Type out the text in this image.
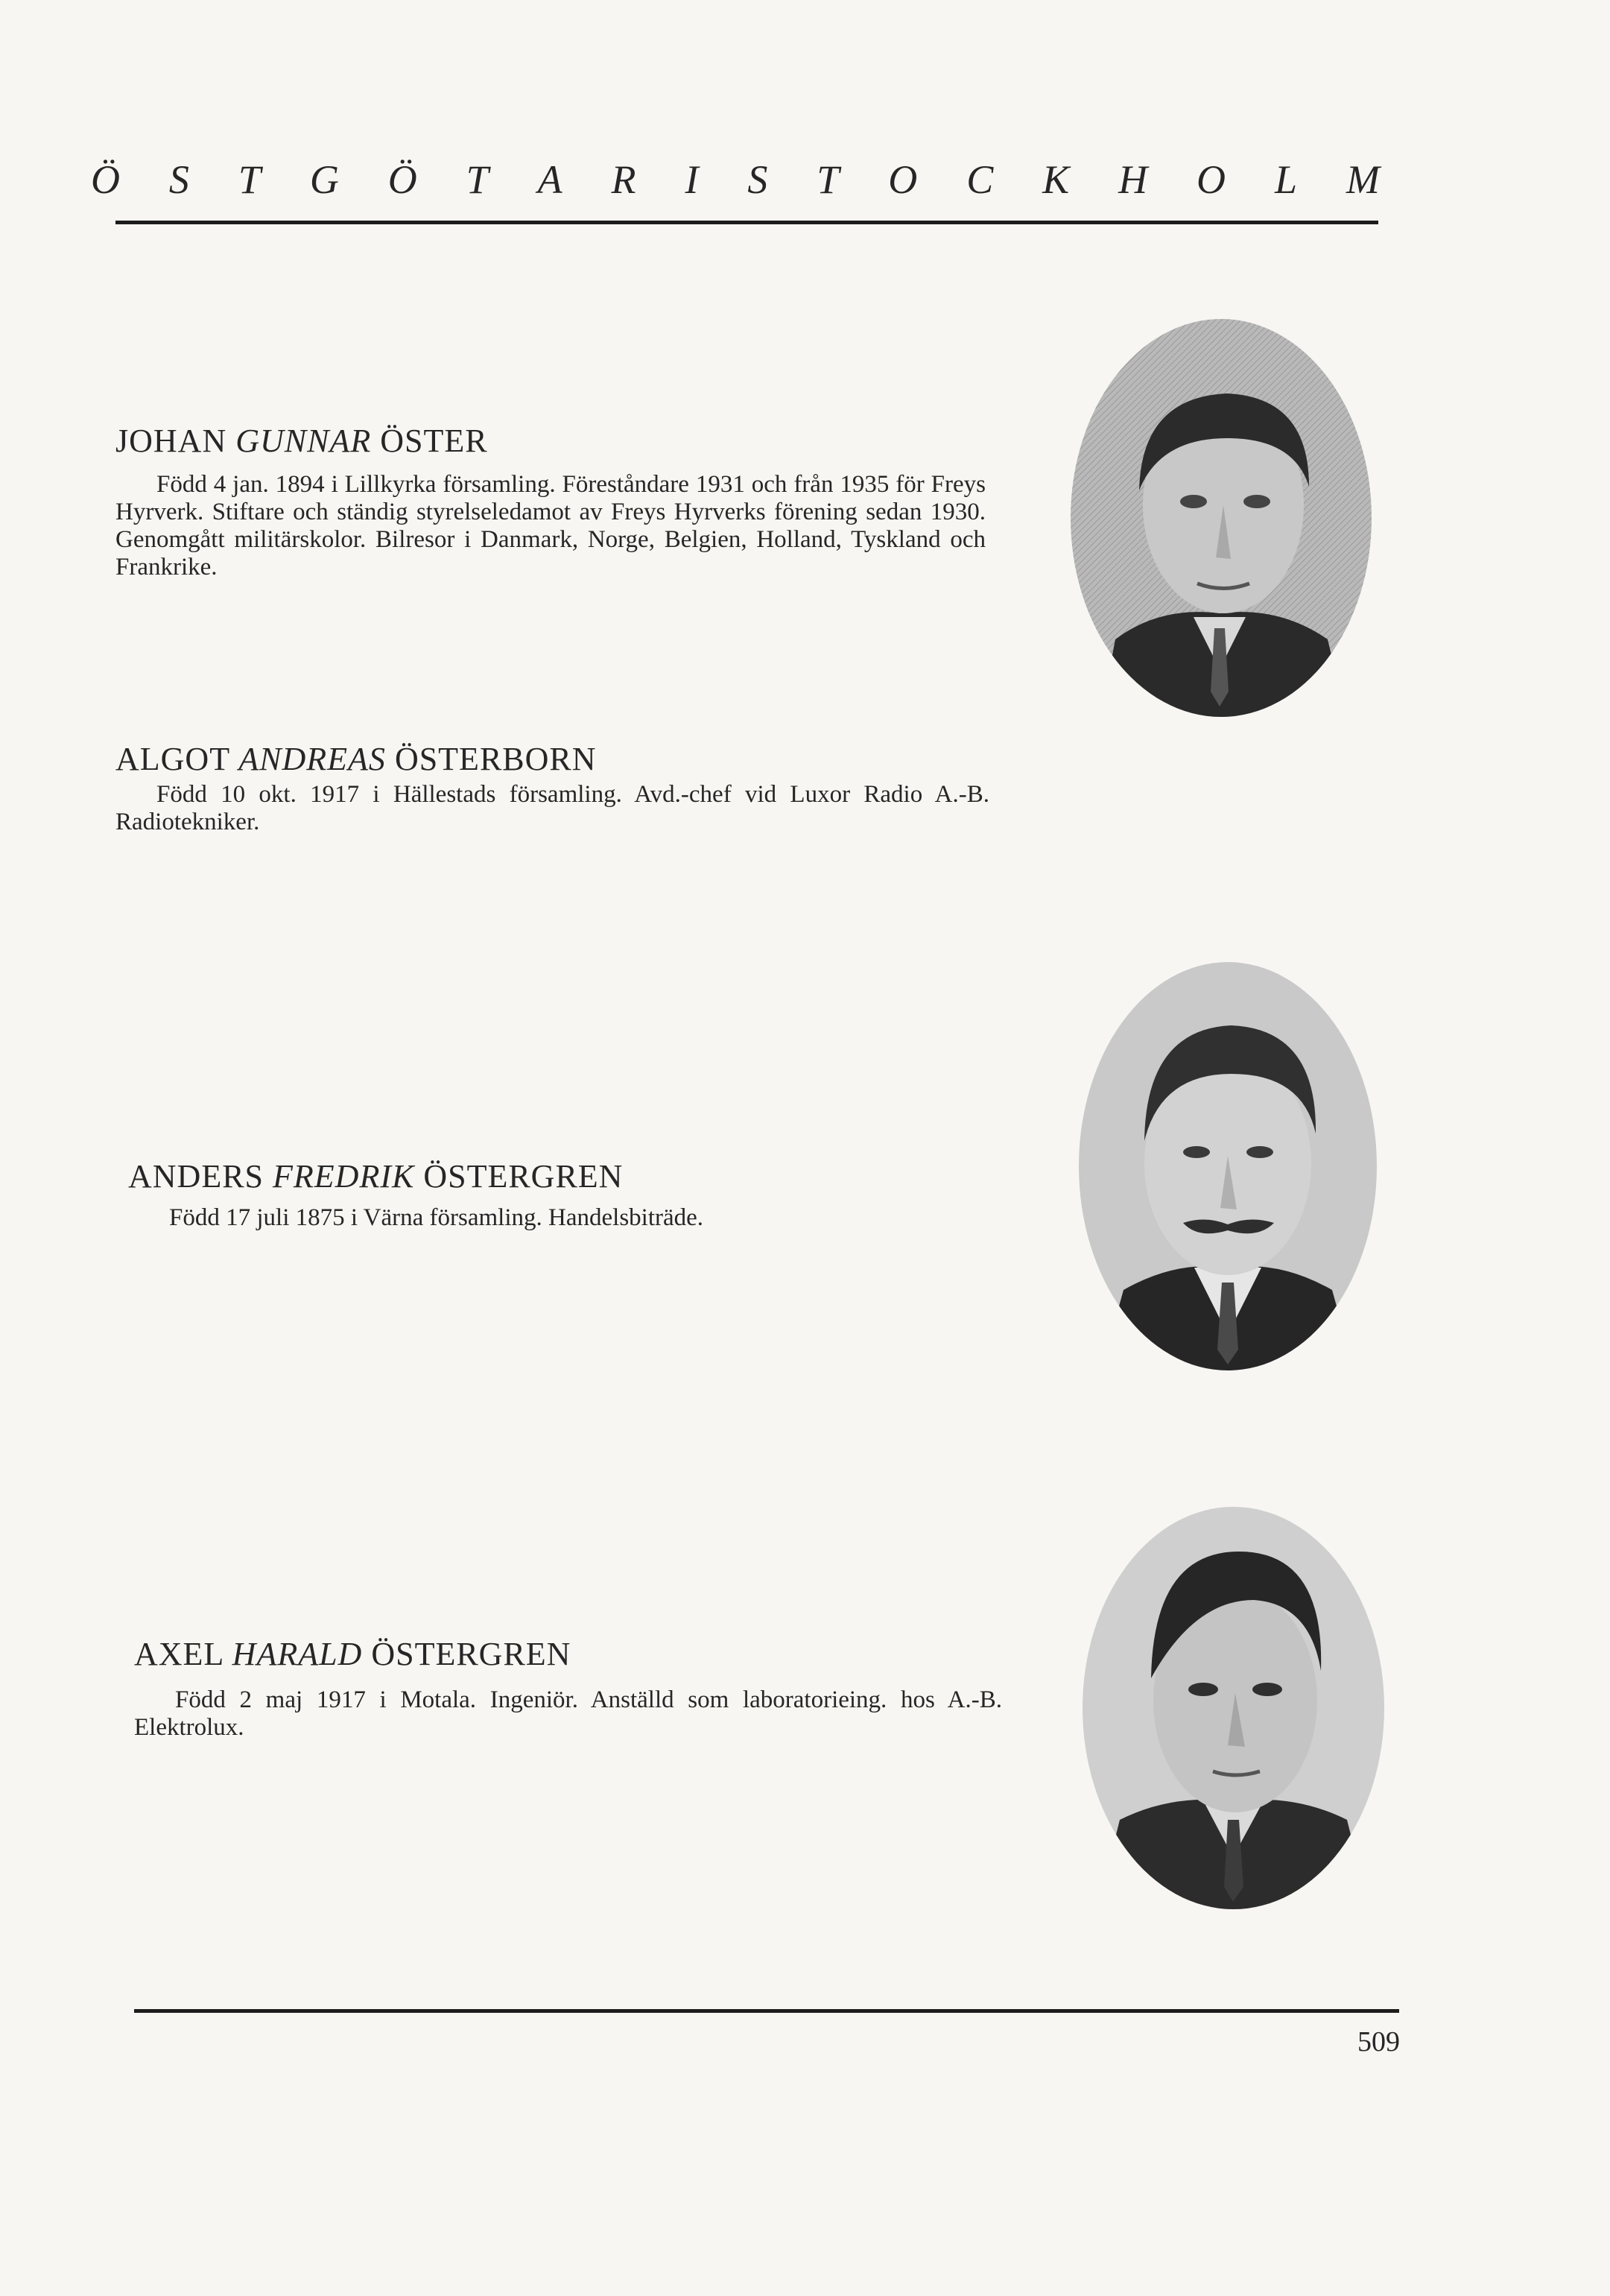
Ö S T G Ö T A R I S T O C K H O L M
JOHAN GUNNAR ÖSTER
Född 4 jan. 1894 i Lillkyrka församling. Föreståndare 1931 och från 1935 för Freys Hyrverk. Stiftare och ständig styrelseledamot av Freys Hyrverks förening sedan 1930. Genomgått militärskolor. Bilresor i Danmark, Norge, Belgien, Holland, Tyskland och Frankrike.
ALGOT ANDREAS ÖSTERBORN
Född 10 okt. 1917 i Hällestads församling. Avd.-chef vid Luxor Radio A.-B. Radiotekniker.
ANDERS FREDRIK ÖSTERGREN
Född 17 juli 1875 i Värna församling. Handelsbiträde.
AXEL HARALD ÖSTERGREN
Född 2 maj 1917 i Motala. Ingeniör. Anställd som laboratorieing. hos A.-B. Elektrolux.
509
